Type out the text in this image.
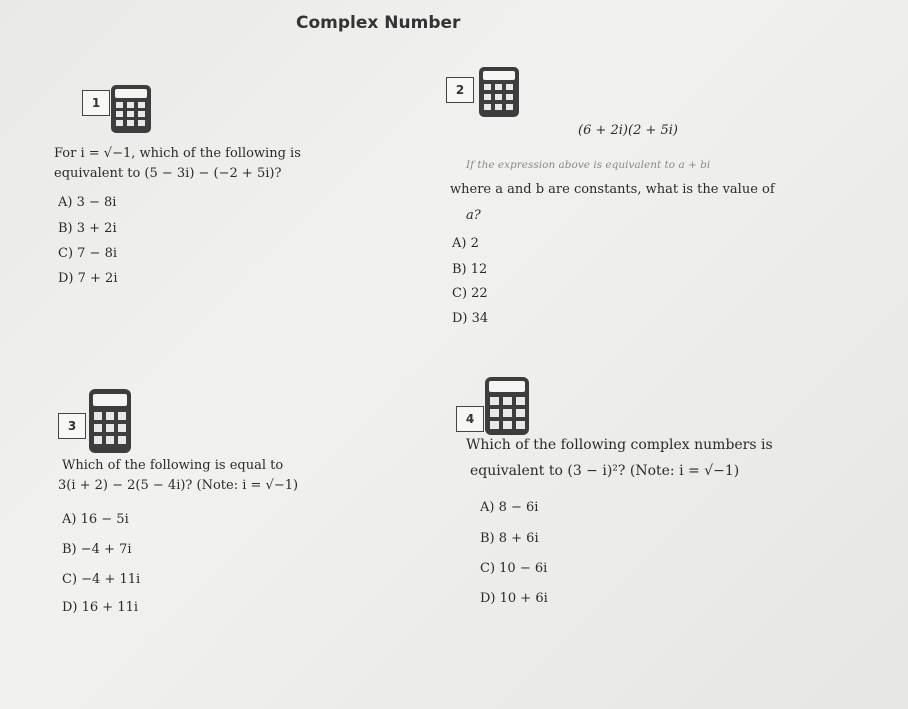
Complex Number
1
For i = √−1, which of the following is
equivalent to (5 − 3i) − (−2 + 5i)?
A) 3 − 8i
B) 3 + 2i
C) 7 − 8i
D) 7 + 2i
2
(6 + 2i)(2 + 5i)
If the expression above is equivalent to a + bi
where a and b are constants, what is the value of
a?
A) 2
B) 12
C) 22
D) 34
3
Which of the following is equal to
3(i + 2) − 2(5 − 4i)? (Note: i = √−1)
A) 16 − 5i
B) −4 + 7i
C) −4 + 11i
D) 16 + 11i
4
Which of the following complex numbers is
equivalent to (3 − i)²? (Note: i = √−1)
A) 8 − 6i
B) 8 + 6i
C) 10 − 6i
D) 10 + 6i
